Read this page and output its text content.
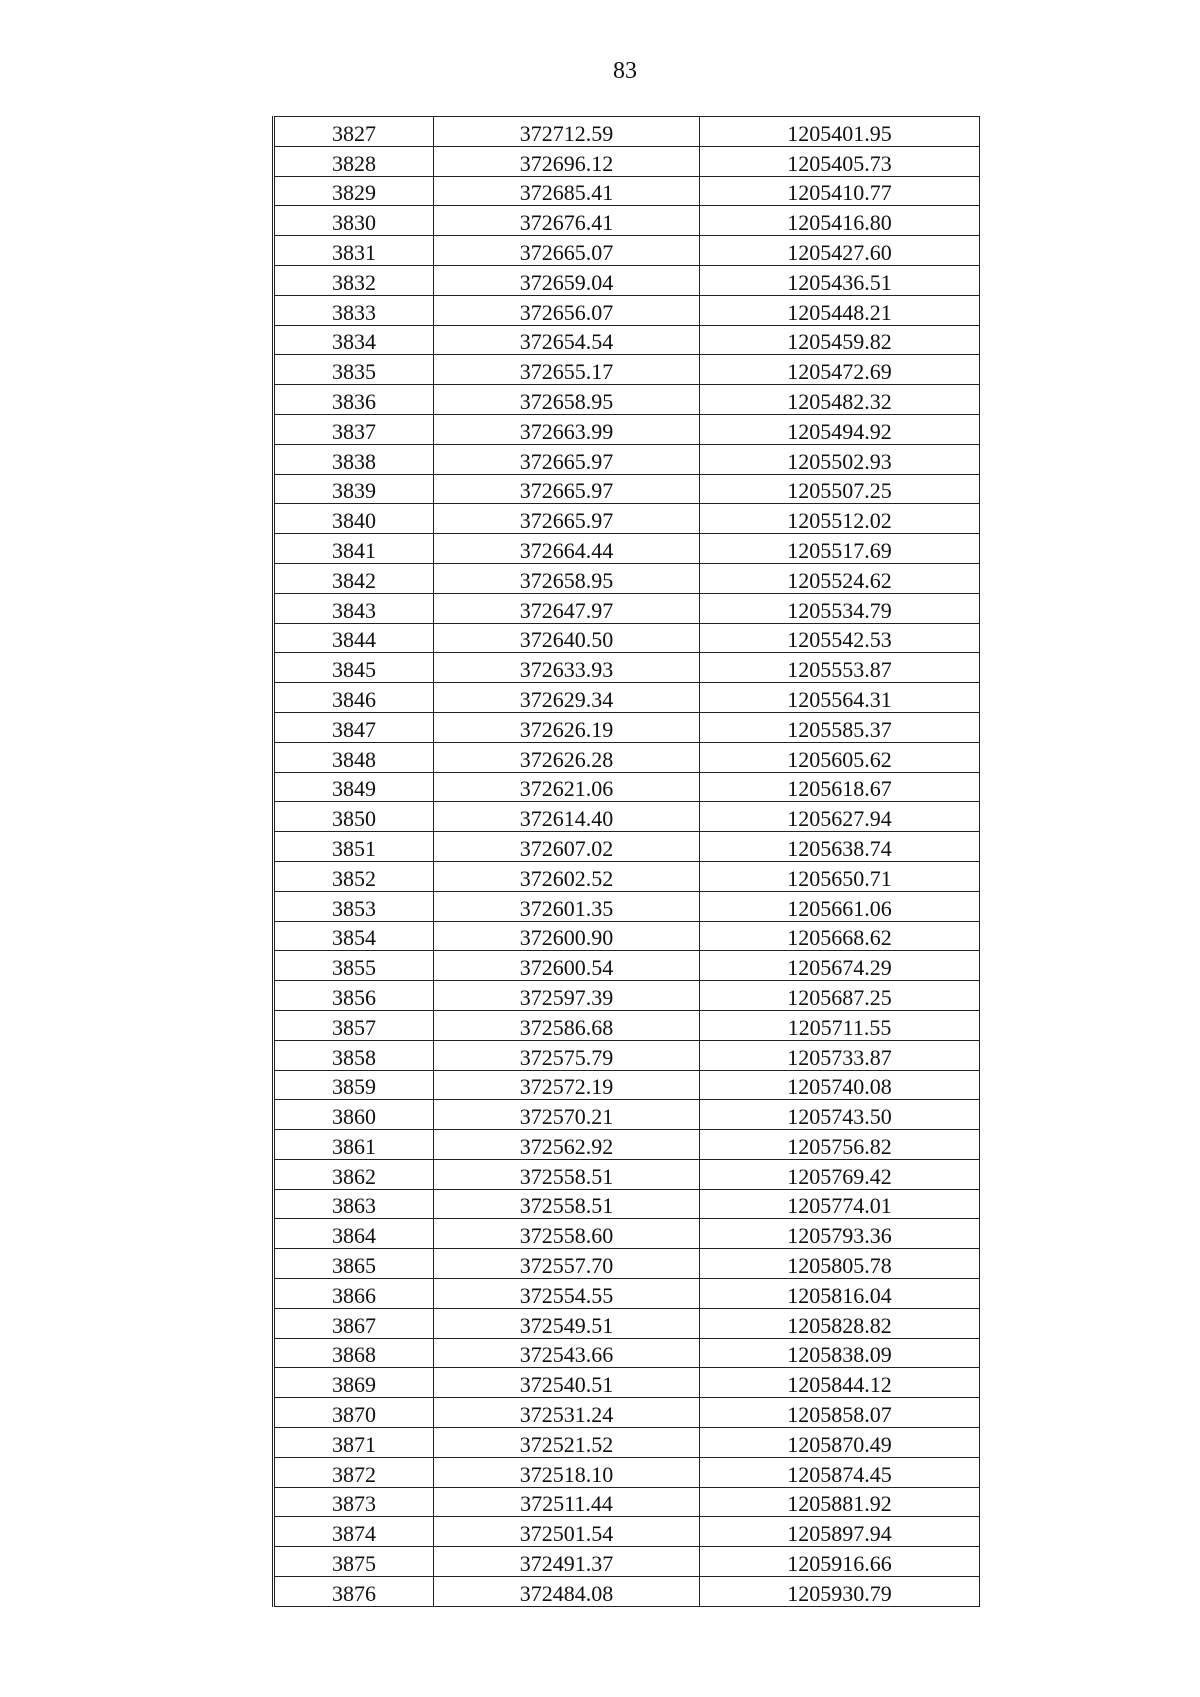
83
3827	372712.59	1205401.95
3828	372696.12	1205405.73
3829	372685.41	1205410.77
3830	372676.41	1205416.80
3831	372665.07	1205427.60
3832	372659.04	1205436.51
3833	372656.07	1205448.21
3834	372654.54	1205459.82
3835	372655.17	1205472.69
3836	372658.95	1205482.32
3837	372663.99	1205494.92
3838	372665.97	1205502.93
3839	372665.97	1205507.25
3840	372665.97	1205512.02
3841	372664.44	1205517.69
3842	372658.95	1205524.62
3843	372647.97	1205534.79
3844	372640.50	1205542.53
3845	372633.93	1205553.87
3846	372629.34	1205564.31
3847	372626.19	1205585.37
3848	372626.28	1205605.62
3849	372621.06	1205618.67
3850	372614.40	1205627.94
3851	372607.02	1205638.74
3852	372602.52	1205650.71
3853	372601.35	1205661.06
3854	372600.90	1205668.62
3855	372600.54	1205674.29
3856	372597.39	1205687.25
3857	372586.68	1205711.55
3858	372575.79	1205733.87
3859	372572.19	1205740.08
3860	372570.21	1205743.50
3861	372562.92	1205756.82
3862	372558.51	1205769.42
3863	372558.51	1205774.01
3864	372558.60	1205793.36
3865	372557.70	1205805.78
3866	372554.55	1205816.04
3867	372549.51	1205828.82
3868	372543.66	1205838.09
3869	372540.51	1205844.12
3870	372531.24	1205858.07
3871	372521.52	1205870.49
3872	372518.10	1205874.45
3873	372511.44	1205881.92
3874	372501.54	1205897.94
3875	372491.37	1205916.66
3876	372484.08	1205930.79
